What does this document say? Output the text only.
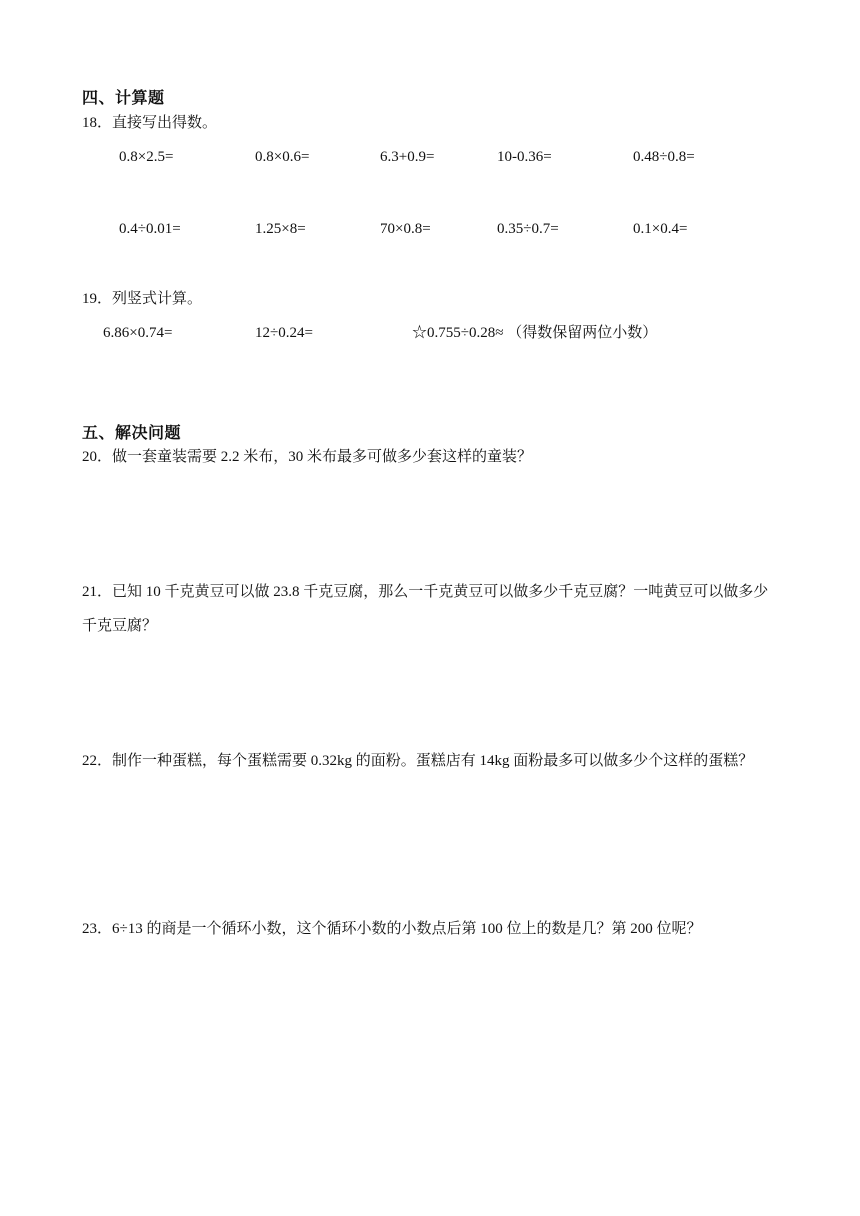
四、计算题
18．直接写出得数。
0.8×2.5=	0.8×0.6=	6.3+0.9=	10-0.36=	0.48÷0.8=
0.4÷0.01=	1.25×8=	70×0.8=	0.35÷0.7=	0.1×0.4=
19．列竖式计算。
6.86×0.74=	12÷0.24=	☆0.755÷0.28≈ （得数保留两位小数）
五、解决问题
20．做一套童装需要 2.2 米布，30 米布最多可做多少套这样的童装？
21．已知 10 千克黄豆可以做 23.8 千克豆腐，那么一千克黄豆可以做多少千克豆腐？一吨黄豆可以做多少
千克豆腐？
22．制作一种蛋糕，每个蛋糕需要 0.32kg 的面粉。蛋糕店有 14kg 面粉最多可以做多少个这样的蛋糕？
23．6÷13 的商是一个循环小数，这个循环小数的小数点后第 100 位上的数是几？第 200 位呢？
